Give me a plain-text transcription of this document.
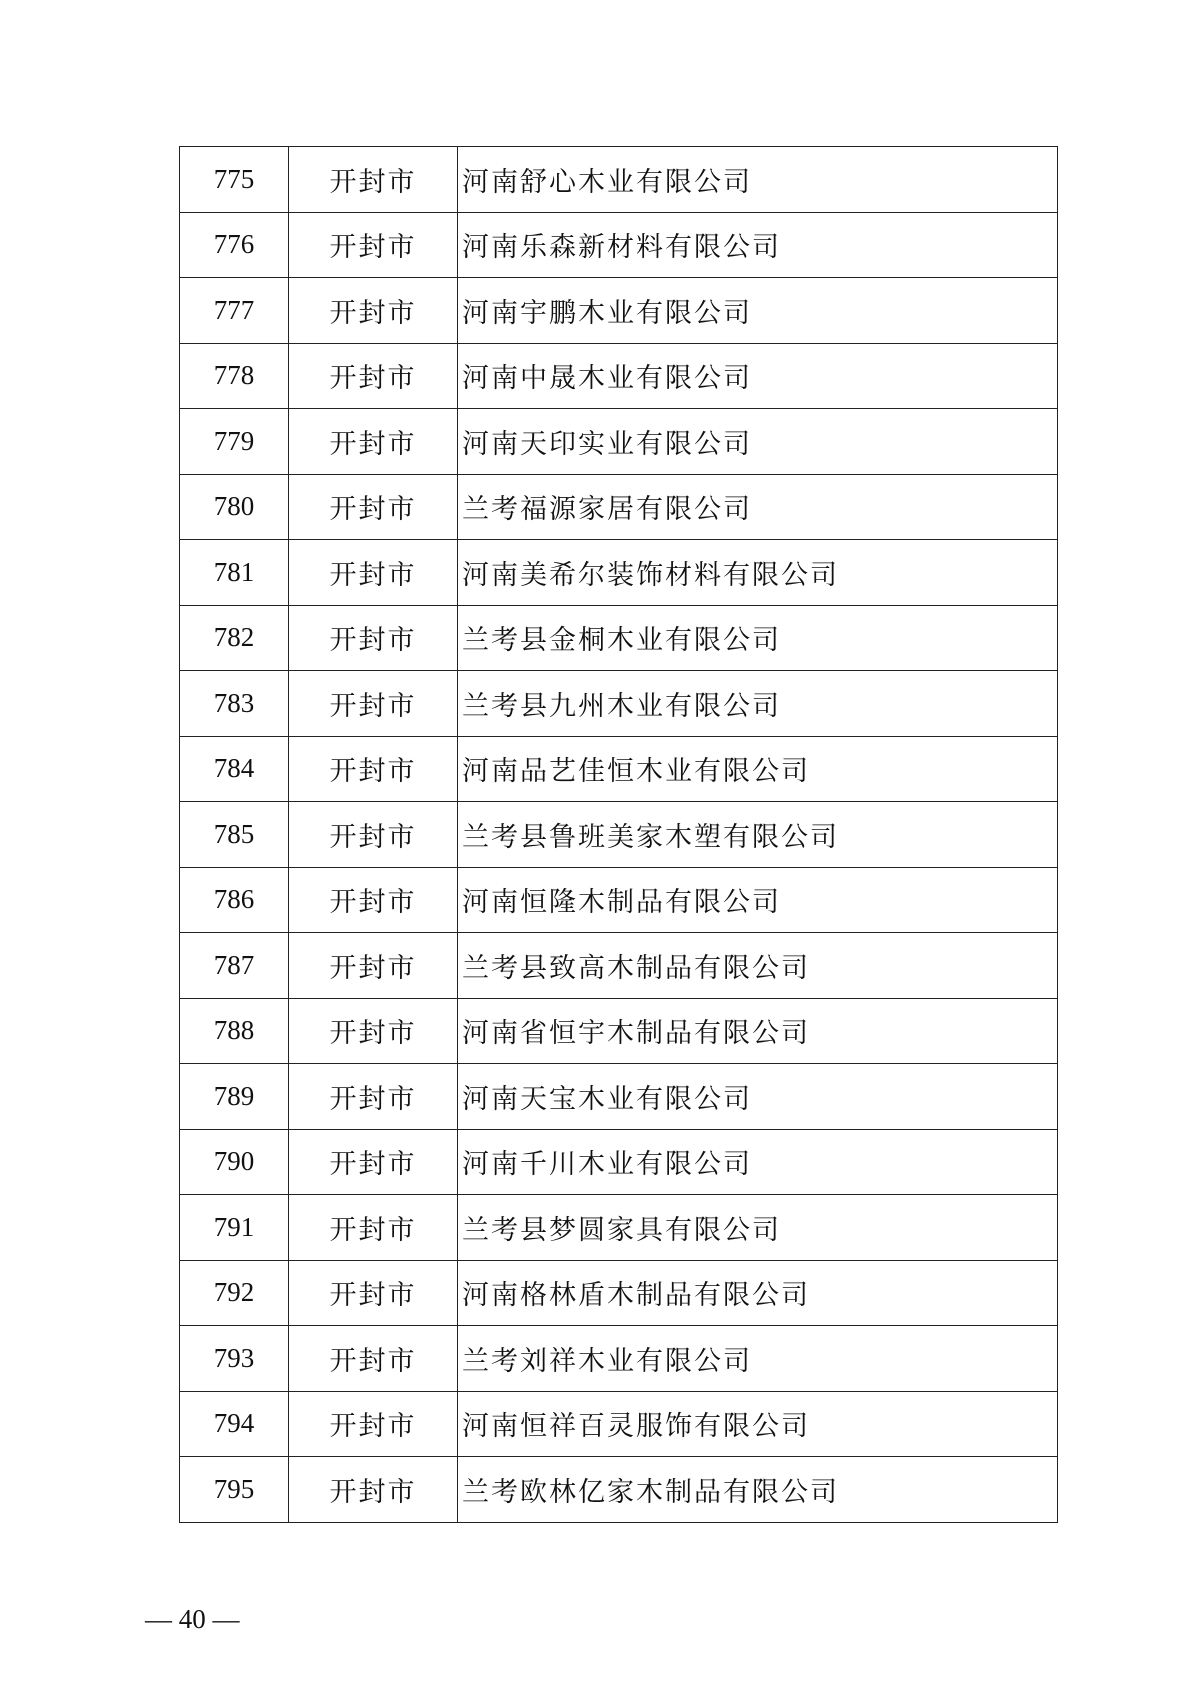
775	开封市	河南舒心木业有限公司
776	开封市	河南乐森新材料有限公司
777	开封市	河南宇鹏木业有限公司
778	开封市	河南中晟木业有限公司
779	开封市	河南天印实业有限公司
780	开封市	兰考福源家居有限公司
781	开封市	河南美希尔装饰材料有限公司
782	开封市	兰考县金桐木业有限公司
783	开封市	兰考县九州木业有限公司
784	开封市	河南品艺佳恒木业有限公司
785	开封市	兰考县鲁班美家木塑有限公司
786	开封市	河南恒隆木制品有限公司
787	开封市	兰考县致高木制品有限公司
788	开封市	河南省恒宇木制品有限公司
789	开封市	河南天宝木业有限公司
790	开封市	河南千川木业有限公司
791	开封市	兰考县梦圆家具有限公司
792	开封市	河南格林盾木制品有限公司
793	开封市	兰考刘祥木业有限公司
794	开封市	河南恒祥百灵服饰有限公司
795	开封市	兰考欧林亿家木制品有限公司
— 40 —
